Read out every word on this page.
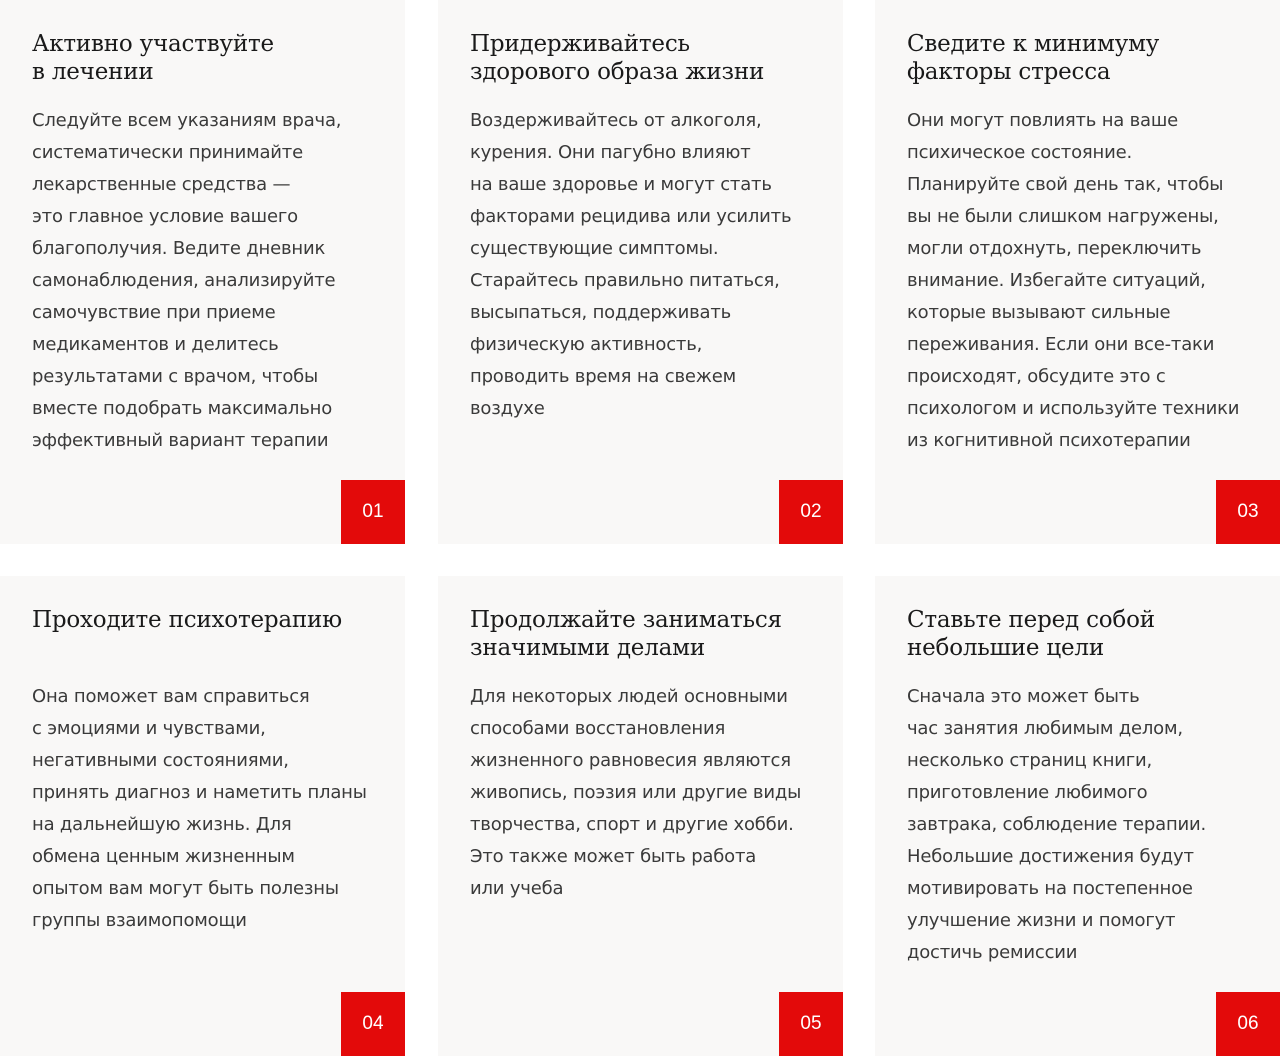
Активно участвуйте
в лечении

Следуйте всем указаниям врача,
систематически принимайте
лекарственные средства —
это главное условие вашего
благополучия. Ведите дневник
самонаблюдения, анализируйте
самочувствие при приеме
медикаментов и делитесь
результатами с врачом, чтобы
вместе подобрать максимально
эффективный вариант терапии

01
Придерживайтесь
здорового образа жизни

Воздерживайтесь от алкоголя,
курения. Они пагубно влияют
на ваше здоровье и могут стать
факторами рецидива или усилить
существующие симптомы.
Старайтесь правильно питаться,
высыпаться, поддерживать
физическую активность,
проводить время на свежем
воздухе

02
Сведите к минимуму
факторы стресса

Они могут повлиять на ваше
психическое состояние.
Планируйте свой день так, чтобы
вы не были слишком нагружены,
могли отдохнуть, переключить
внимание. Избегайте ситуаций,
которые вызывают сильные
переживания. Если они все-таки
происходят, обсудите это с
психологом и используйте техники
из когнитивной психотерапии

03
Проходите психотерапию

Она поможет вам справиться
с эмоциями и чувствами,
негативными состояниями,
принять диагноз и наметить планы
на дальнейшую жизнь. Для
обмена ценным жизненным
опытом вам могут быть полезны
группы взаимопомощи

04
Продолжайте заниматься
значимыми делами

Для некоторых людей основными
способами восстановления
жизненного равновесия являются
живопись, поэзия или другие виды
творчества, спорт и другие хобби.
Это также может быть работа
или учеба

05
Ставьте перед собой
небольшие цели

Сначала это может быть
час занятия любимым делом,
несколько страниц книги,
приготовление любимого
завтрака, соблюдение терапии.
Небольшие достижения будут
мотивировать на постепенное
улучшение жизни и помогут
достичь ремиссии

06
